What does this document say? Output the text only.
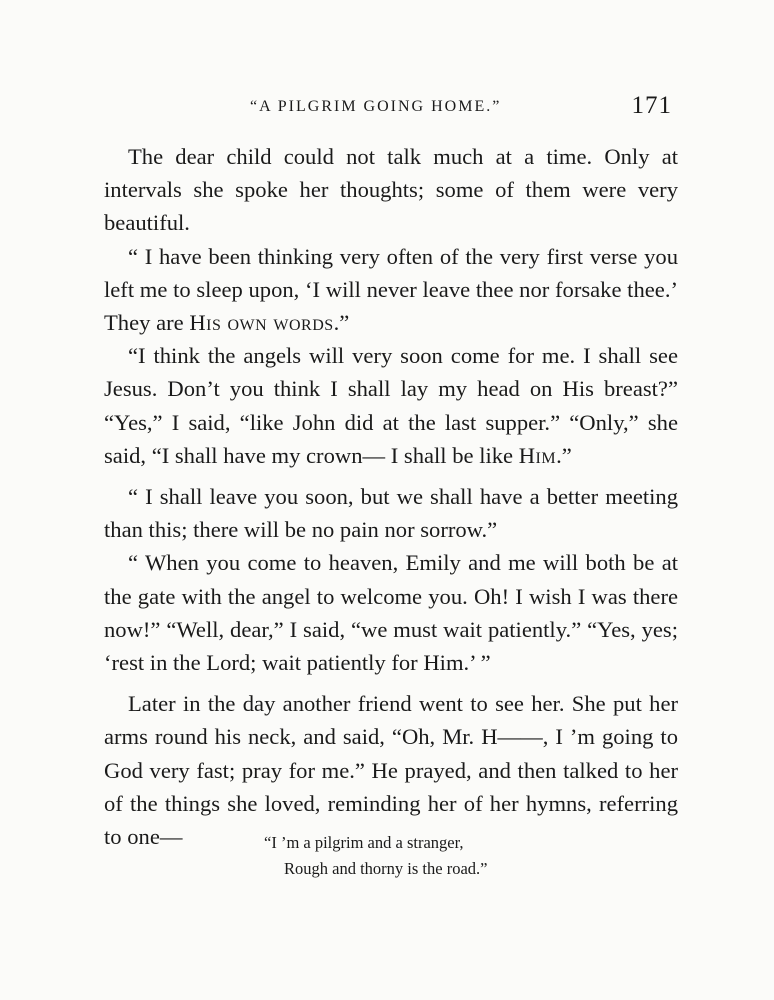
“A PILGRIM GOING HOME.”	171

The dear child could not talk much at a time. Only at intervals she spoke her thoughts; some of them were very beautiful.

“ I have been thinking very often of the very first verse you left me to sleep upon, ‘I will never leave thee nor forsake thee.’ They are His own words.”

“I think the angels will very soon come for me. I shall see Jesus. Don’t you think I shall lay my head on His breast?” “Yes,” I said, “like John did at the last supper.” “Only,” she said, “I shall have my crown— I shall be like Him.”

“ I shall leave you soon, but we shall have a better meeting than this; there will be no pain nor sorrow.”

“ When you come to heaven, Emily and me will both be at the gate with the angel to welcome you. Oh! I wish I was there now!” “Well, dear,” I said, “we must wait patiently.” “Yes, yes; ‘rest in the Lord; wait patiently for Him.’ ”

Later in the day another friend went to see her. She put her arms round his neck, and said, “Oh, Mr. H——, I ’m going to God very fast; pray for me.” He prayed, and then talked to her of the things she loved, reminding her of her hymns, referring to one—	“I ’m a pilgrim and a stranger,
Rough and thorny is the road.”
